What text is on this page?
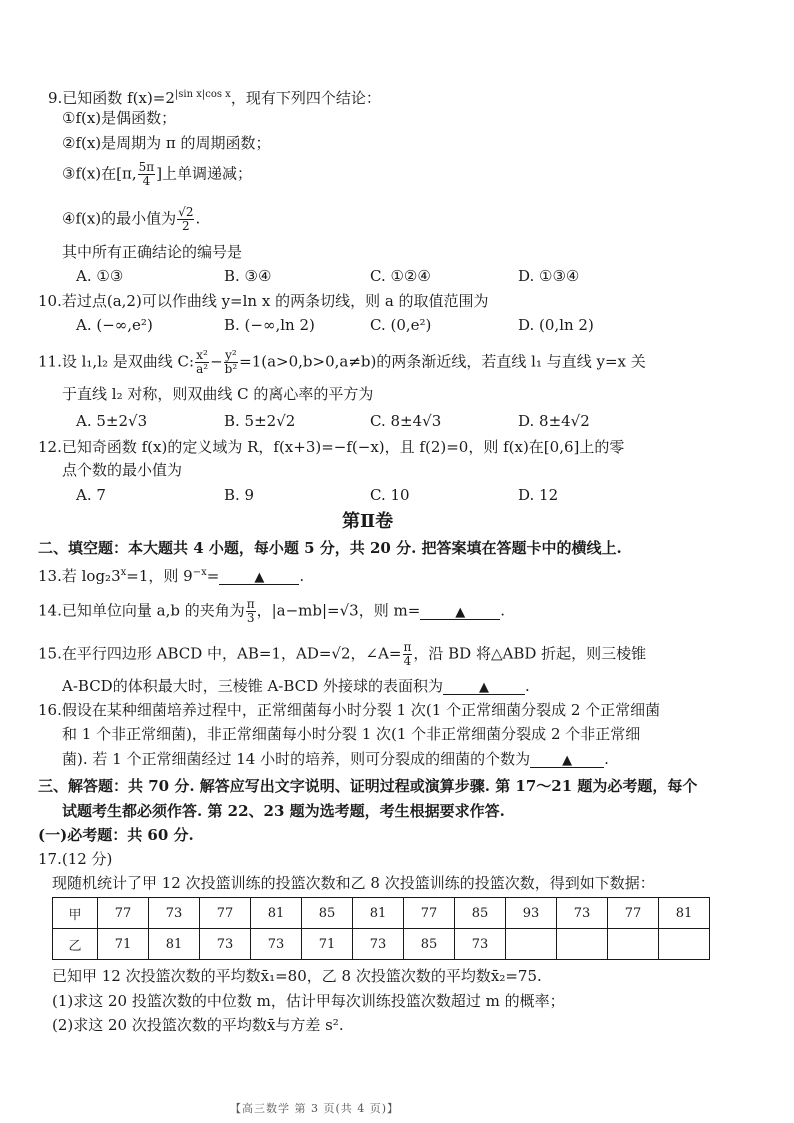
9.已知函数 $f(x)=2^{|sin x|cos x}$，现有下列四个结论：
①f(x)是偶函数；
②f(x)是周期为 π 的周期函数；
③f(x)在[π, $\frac{5\pi}{4}$ ]上单调递减；
④f(x)的最小值为 $\frac{√2}{2}$ .
其中所有正确结论的编号是
A. ①③	B. ③④	C. ①②④	D. ①③④
10.若过点(a,2)可以作曲线 y=ln x 的两条切线，则 a 的取值范围为
A. (−∞,e²)	B. (−∞,ln 2)	C. (0,e²)	D. (0,ln 2)
11.设 l₁,l₂ 是双曲线 C: $\frac{\text{x²}}{\text{a²}} - \frac{\text{y²}}{\text{b²}} =1(a>0,b>0,a\ne b)$的两条渐近线，若直线 l₁ 与直线 y=x 关
于直线 l₂ 对称，则双曲线 C 的离心率的平方为
A. 5±2√3	B. 5±2√2	C. 8±4√3	D. 8±4√2
12.已知奇函数 f(x)的定义域为 R，f(x+3)=−f(−x)，且 f(2)=0，则 f(x)在[0,6]上的零
点个数的最小值为
A. 7	B. 9	C. 10	D. 12
第Ⅱ卷
二、填空题：本大题共 4 小题，每小题 5 分，共 20 分. 把答案填在答题卡中的横线上.
13.若 $\log_23^x=1$，则 $9^{-x}=$	▲ .
14.已知单位向量 a,b 的夹角为 $\frac{\pi}{3}$ ，|a−mb|=√3，则 m=	▲ .
15.在平行四边形 ABCD 中，AB=1，AD=√2，∠A= $\frac{\pi}{4}$ ，沿 BD 将△ABD 折起，则三棱锥
A-BCD的体积最大时，三棱锥 A-BCD 外接球的表面积为	▲ .
16.假设在某种细菌培养过程中，正常细菌每小时分裂 1 次(1 个正常细菌分裂成 2 个正常细菌
和 1 个非正常细菌)，非正常细菌每小时分裂 1 次(1 个非正常细菌分裂成 2 个非正常细
菌). 若 1 个正常细菌经过 14 小时的培养，则可分裂成的细菌的个数为 ▲ .
三、解答题：共 70 分. 解答应写出文字说明、证明过程或演算步骤. 第 17～21 题为必考题，每个
试题考生都必须作答. 第 22、23 题为选考题，考生根据要求作答.
(一)必考题：共 60 分.
17.(12 分)
现随机统计了甲 12 次投篮训练的投篮次数和乙 8 次投篮训练的投篮次数，得到如下数据：
甲	77	73	77	81	85	81	77	85	93	73	77	81
乙	71	81	73	73	71	73	85	73				
已知甲 12 次投篮次数的平均数x̄₁=80，乙 8 次投篮次数的平均数x̄₂=75.
(1)求这 20 投篮次数的中位数 m，估计甲每次训练投篮次数超过 m 的概率；
(2)求这 20 次投篮次数的平均数x̄与方差 s².
【高三数学 第 3 页(共 4 页)】
